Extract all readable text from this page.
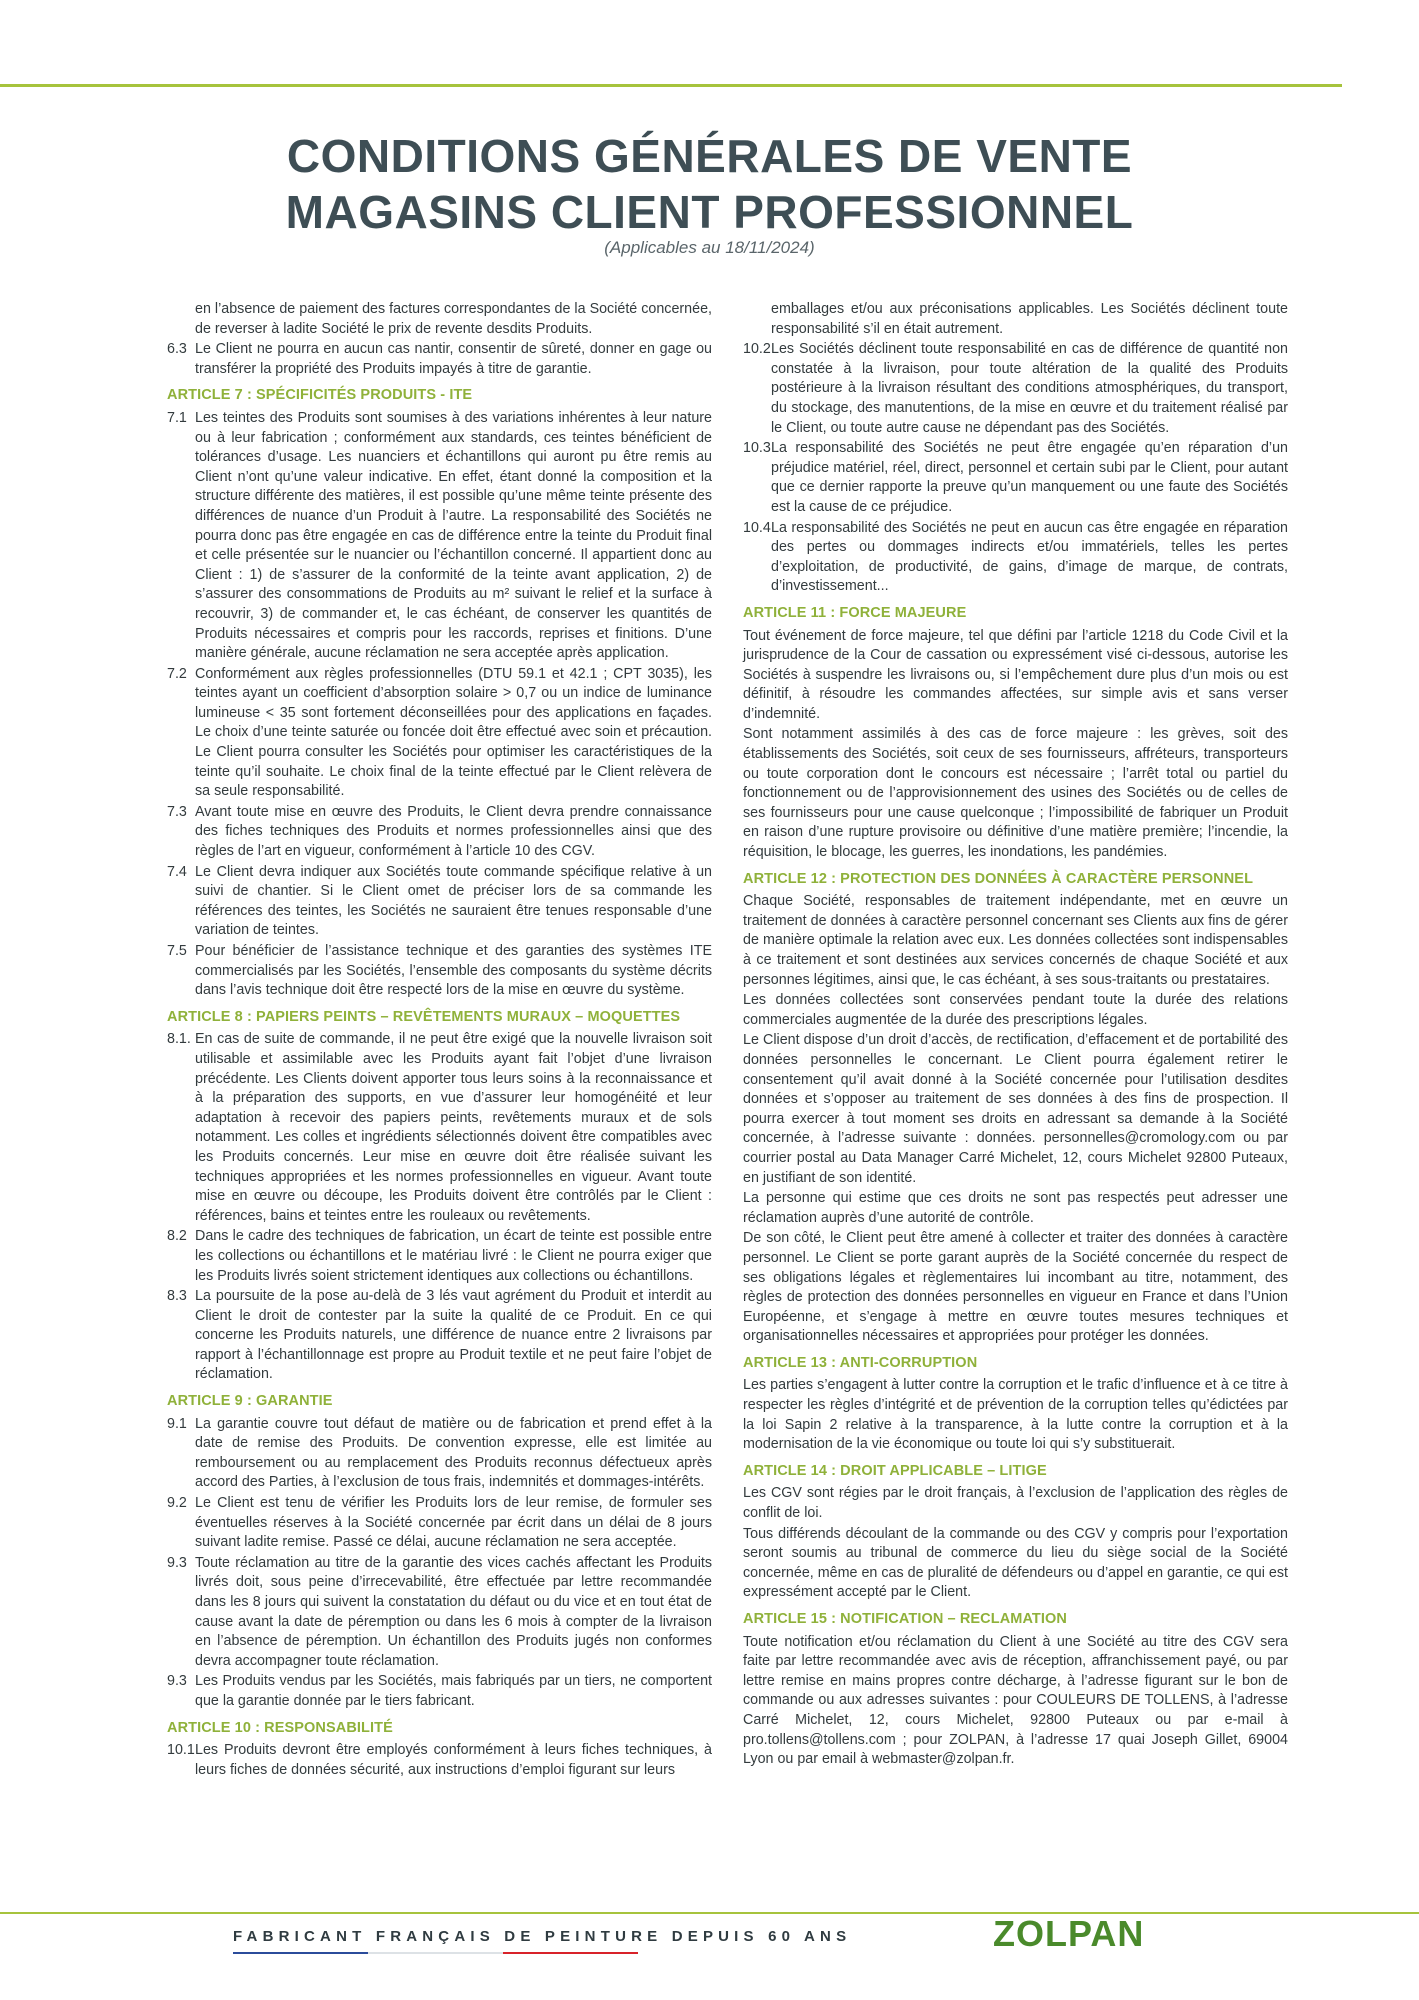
CONDITIONS GÉNÉRALES DE VENTE
MAGASINS CLIENT PROFESSIONNEL
(Applicables au 18/11/2024)
en l’absence de paiement des factures correspondantes de la Société concernée, de reverser à ladite Société le prix de revente desdits Produits.
6.3 Le Client ne pourra en aucun cas nantir, consentir de sûreté, donner en gage ou transférer la propriété des Produits impayés à titre de garantie.
ARTICLE 7 : SPÉCIFICITÉS PRODUITS - ITE
7.1 Les teintes des Produits sont soumises à des variations inhérentes à leur nature ou à leur fabrication ; conformément aux standards, ces teintes bénéficient de tolérances d’usage. Les nuanciers et échantillons qui auront pu être remis au Client n’ont qu’une valeur indicative. En effet, étant donné la composition et la structure différente des matières, il est possible qu’une même teinte présente des différences de nuance d’un Produit à l’autre. La responsabilité des Sociétés ne pourra donc pas être engagée en cas de différence entre la teinte du Produit final et celle présentée sur le nuancier ou l’échantillon concerné. Il appartient donc au Client : 1) de s’assurer de la conformité de la teinte avant application, 2) de s’assurer des consommations de Produits au m² suivant le relief et la surface à recouvrir, 3) de commander et, le cas échéant, de conserver les quantités de Produits nécessaires et compris pour les raccords, reprises et finitions. D’une manière générale, aucune réclamation ne sera acceptée après application.
7.2 Conformément aux règles professionnelles (DTU 59.1 et 42.1 ; CPT 3035), les teintes ayant un coefficient d’absorption solaire > 0,7 ou un indice de luminance lumineuse < 35 sont fortement déconseillées pour des applications en façades. Le choix d’une teinte saturée ou foncée doit être effectué avec soin et précaution. Le Client pourra consulter les Sociétés pour optimiser les caractéristiques de la teinte qu’il souhaite. Le choix final de la teinte effectué par le Client relèvera de sa seule responsabilité.
7.3 Avant toute mise en œuvre des Produits, le Client devra prendre connaissance des fiches techniques des Produits et normes professionnelles ainsi que des règles de l’art en vigueur, conformément à l’article 10 des CGV.
7.4 Le Client devra indiquer aux Sociétés toute commande spécifique relative à un suivi de chantier. Si le Client omet de préciser lors de sa commande les références des teintes, les Sociétés ne sauraient être tenues responsable d’une variation de teintes.
7.5 Pour bénéficier de l’assistance technique et des garanties des systèmes ITE commercialisés par les Sociétés, l’ensemble des composants du système décrits dans l’avis technique doit être respecté lors de la mise en œuvre du système.
ARTICLE 8 : PAPIERS PEINTS – REVÊTEMENTS MURAUX – MOQUETTES
8.1. En cas de suite de commande, il ne peut être exigé que la nouvelle livraison soit utilisable et assimilable avec les Produits ayant fait l’objet d’une livraison précédente. Les Clients doivent apporter tous leurs soins à la reconnaissance et à la préparation des supports, en vue d’assurer leur homogénéité et leur adaptation à recevoir des papiers peints, revêtements muraux et de sols notamment. Les colles et ingrédients sélectionnés doivent être compatibles avec les Produits concernés. Leur mise en œuvre doit être réalisée suivant les techniques appropriées et les normes professionnelles en vigueur. Avant toute mise en œuvre ou découpe, les Produits doivent être contrôlés par le Client : références, bains et teintes entre les rouleaux ou revêtements.
8.2 Dans le cadre des techniques de fabrication, un écart de teinte est possible entre les collections ou échantillons et le matériau livré : le Client ne pourra exiger que les Produits livrés soient strictement identiques aux collections ou échantillons.
8.3 La poursuite de la pose au-delà de 3 lés vaut agrément du Produit et interdit au Client le droit de contester par la suite la qualité de ce Produit. En ce qui concerne les Produits naturels, une différence de nuance entre 2 livraisons par rapport à l’échantillonnage est propre au Produit textile et ne peut faire l’objet de réclamation.
ARTICLE 9 : GARANTIE
9.1 La garantie couvre tout défaut de matière ou de fabrication et prend effet à la date de remise des Produits. De convention expresse, elle est limitée au remboursement ou au remplacement des Produits reconnus défectueux après accord des Parties, à l’exclusion de tous frais, indemnités et dommages-intérêts.
9.2 Le Client est tenu de vérifier les Produits lors de leur remise, de formuler ses éventuelles réserves à la Société concernée par écrit dans un délai de 8 jours suivant ladite remise. Passé ce délai, aucune réclamation ne sera acceptée.
9.3 Toute réclamation au titre de la garantie des vices cachés affectant les Produits livrés doit, sous peine d’irrecevabilité, être effectuée par lettre recommandée dans les 8 jours qui suivent la constatation du défaut ou du vice et en tout état de cause avant la date de péremption ou dans les 6 mois à compter de la livraison en l’absence de péremption. Un échantillon des Produits jugés non conformes devra accompagner toute réclamation.
9.3 Les Produits vendus par les Sociétés, mais fabriqués par un tiers, ne comportent que la garantie donnée par le tiers fabricant.
ARTICLE 10 : RESPONSABILITÉ
10.1 Les Produits devront être employés conformément à leurs fiches techniques, à leurs fiches de données sécurité, aux instructions d’emploi figurant sur leurs
emballages et/ou aux préconisations applicables. Les Sociétés déclinent toute responsabilité s’il en était autrement.
10.2 Les Sociétés déclinent toute responsabilité en cas de différence de quantité non constatée à la livraison, pour toute altération de la qualité des Produits postérieure à la livraison résultant des conditions atmosphériques, du transport, du stockage, des manutentions, de la mise en œuvre et du traitement réalisé par le Client, ou toute autre cause ne dépendant pas des Sociétés.
10.3 La responsabilité des Sociétés ne peut être engagée qu’en réparation d’un préjudice matériel, réel, direct, personnel et certain subi par le Client, pour autant que ce dernier rapporte la preuve qu’un manquement ou une faute des Sociétés est la cause de ce préjudice.
10.4 La responsabilité des Sociétés ne peut en aucun cas être engagée en réparation des pertes ou dommages indirects et/ou immatériels, telles les pertes d’exploitation, de productivité, de gains, d’image de marque, de contrats, d’investissement...
ARTICLE 11 : FORCE MAJEURE
Tout événement de force majeure, tel que défini par l’article 1218 du Code Civil et la jurisprudence de la Cour de cassation ou expressément visé ci-dessous, autorise les Sociétés à suspendre les livraisons ou, si l’empêchement dure plus d’un mois ou est définitif, à résoudre les commandes affectées, sur simple avis et sans verser d’indemnité.
Sont notamment assimilés à des cas de force majeure : les grèves, soit des établissements des Sociétés, soit ceux de ses fournisseurs, affréteurs, transporteurs ou toute corporation dont le concours est nécessaire ; l’arrêt total ou partiel du fonctionnement ou de l’approvisionnement des usines des Sociétés ou de celles de ses fournisseurs pour une cause quelconque ; l’impossibilité de fabriquer un Produit en raison d’une rupture provisoire ou définitive d’une matière première; l’incendie, la réquisition, le blocage, les guerres, les inondations, les pandémies.
ARTICLE 12 : PROTECTION DES DONNÉES À CARACTÈRE PERSONNEL
Chaque Société, responsables de traitement indépendante, met en œuvre un traitement de données à caractère personnel concernant ses Clients aux fins de gérer de manière optimale la relation avec eux. Les données collectées sont indispensables à ce traitement et sont destinées aux services concernés de chaque Société et aux personnes légitimes, ainsi que, le cas échéant, à ses sous-traitants ou prestataires.
Les données collectées sont conservées pendant toute la durée des relations commerciales augmentée de la durée des prescriptions légales.
Le Client dispose d’un droit d’accès, de rectification, d’effacement et de portabilité des données personnelles le concernant. Le Client pourra également retirer le consentement qu’il avait donné à la Société concernée pour l’utilisation desdites données et s’opposer au traitement de ses données à des fins de prospection. Il pourra exercer à tout moment ses droits en adressant sa demande à la Société concernée, à l’adresse suivante : données. personnelles@cromology.com ou par courrier postal au Data Manager Carré Michelet, 12, cours Michelet 92800 Puteaux, en justifiant de son identité.
La personne qui estime que ces droits ne sont pas respectés peut adresser une réclamation auprès d’une autorité de contrôle.
De son côté, le Client peut être amené à collecter et traiter des données à caractère personnel. Le Client se porte garant auprès de la Société concernée du respect de ses obligations légales et règlementaires lui incombant au titre, notamment, des règles de protection des données personnelles en vigueur en France et dans l’Union Européenne, et s’engage à mettre en œuvre toutes mesures techniques et organisationnelles nécessaires et appropriées pour protéger les données.
ARTICLE 13 : ANTI-CORRUPTION
Les parties s’engagent à lutter contre la corruption et le trafic d’influence et à ce titre à respecter les règles d’intégrité et de prévention de la corruption telles qu’édictées par la loi Sapin 2 relative à la transparence, à la lutte contre la corruption et à la modernisation de la vie économique ou toute loi qui s’y substituerait.
ARTICLE 14 : DROIT APPLICABLE – LITIGE
Les CGV sont régies par le droit français, à l’exclusion de l’application des règles de conflit de loi.
Tous différends découlant de la commande ou des CGV y compris pour l’exportation seront soumis au tribunal de commerce du lieu du siège social de la Société concernée, même en cas de pluralité de défendeurs ou d’appel en garantie, ce qui est expressément accepté par le Client.
ARTICLE 15 : NOTIFICATION – RECLAMATION
Toute notification et/ou réclamation du Client à une Société au titre des CGV sera faite par lettre recommandée avec avis de réception, affranchissement payé, ou par lettre remise en mains propres contre décharge, à l’adresse figurant sur le bon de commande ou aux adresses suivantes : pour COULEURS DE TOLLENS, à l’adresse Carré Michelet, 12, cours Michelet, 92800 Puteaux ou par e-mail à pro.tollens@tollens.com ; pour ZOLPAN, à l’adresse 17 quai Joseph Gillet, 69004 Lyon ou par email à webmaster@zolpan.fr.
FABRICANT FRANÇAIS DE PEINTURE DEPUIS 60 ANS	ZOLPAN
